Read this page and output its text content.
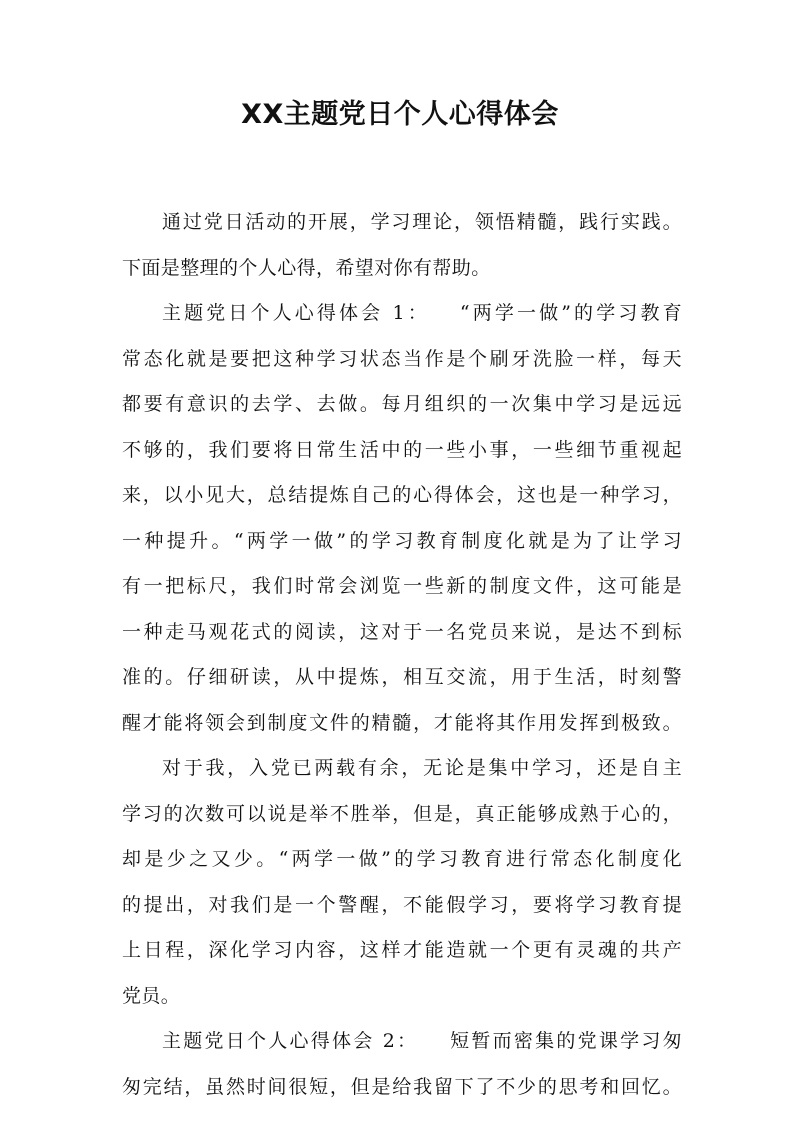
XX主题党日个人心得体会
通过党日活动的开展，学习理论，领悟精髓，践行实践。
下面是整理的个人心得，希望对你有帮助。
主题党日个人心得体会 1： “两学一做”的学习教育
常态化就是要把这种学习状态当作是个刷牙洗脸一样，每天
都要有意识的去学、去做。每月组织的一次集中学习是远远
不够的，我们要将日常生活中的一些小事，一些细节重视起
来，以小见大，总结提炼自己的心得体会，这也是一种学习，
一种提升。“两学一做”的学习教育制度化就是为了让学习
有一把标尺，我们时常会浏览一些新的制度文件，这可能是
一种走马观花式的阅读，这对于一名党员来说，是达不到标
准的。仔细研读，从中提炼，相互交流，用于生活，时刻警
醒才能将领会到制度文件的精髓，才能将其作用发挥到极致。
对于我，入党已两载有余，无论是集中学习，还是自主
学习的次数可以说是举不胜举，但是，真正能够成熟于心的，
却是少之又少。“两学一做”的学习教育进行常态化制度化
的提出，对我们是一个警醒，不能假学习，要将学习教育提
上日程，深化学习内容，这样才能造就一个更有灵魂的共产
党员。
主题党日个人心得体会 2： 短暂而密集的党课学习匆
匆完结，虽然时间很短，但是给我留下了不少的思考和回忆。
